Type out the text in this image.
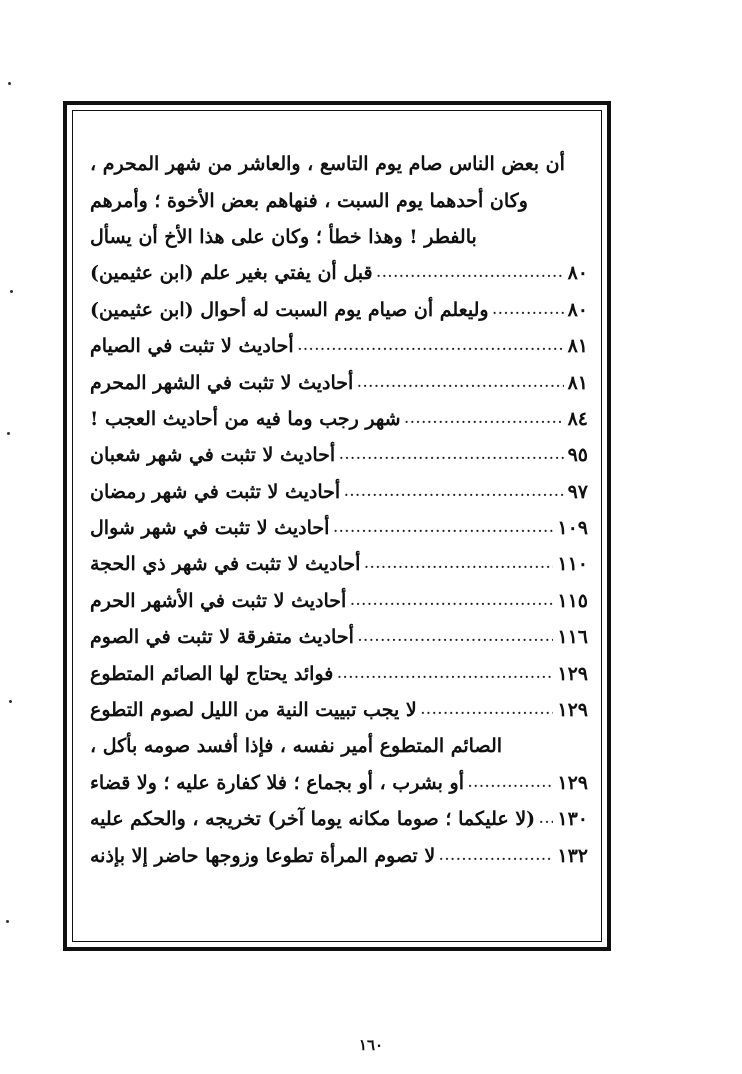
أن بعض الناس صام يوم التاسع ، والعاشر من شهر المحرم ،
وكان أحدهما يوم السبت ، فنهاهم بعض الأخوة ؛ وأمرهم
بالفطر ! وهذا خطأ ؛ وكان على هذا الأخ أن يسأل
قبل أن يفتي بغير علم (ابن عثيمين) .....	٨٠
وليعلم أن صيام يوم السبت له أحوال (ابن عثيمين) .....	٨٠
أحاديث لا تثبت في الصيام .....	٨١
أحاديث لا تثبت في الشهر المحرم .....	٨١
شهر رجب وما فيه من أحاديث العجب ! .....	٨٤
أحاديث لا تثبت في شهر شعبان .....	٩٥
أحاديث لا تثبت في شهر رمضان .....	٩٧
أحاديث لا تثبت في شهر شوال .....	١٠٩
أحاديث لا تثبت في شهر ذي الحجة .....	١١٠
أحاديث لا تثبت في الأشهر الحرم .....	١١٥
أحاديث متفرقة لا تثبت في الصوم .....	١١٦
فوائد يحتاج لها الصائم المتطوع .....	١٢٩
لا يجب تبييت النية من الليل لصوم التطوع .....	١٢٩
الصائم المتطوع أمير نفسه ، فإذا أفسد صومه بأكل ،
أو بشرب ، أو بجماع ؛ فلا كفارة عليه ؛ ولا قضاء .....	١٢٩
(لا عليكما ؛ صوما مكانه يوما آخر) تخريجه ، والحكم عليه ..... ١٣٠
لا تصوم المرأة تطوعا وزوجها حاضر إلا بإذنه .....	١٣٢
١٦٠
